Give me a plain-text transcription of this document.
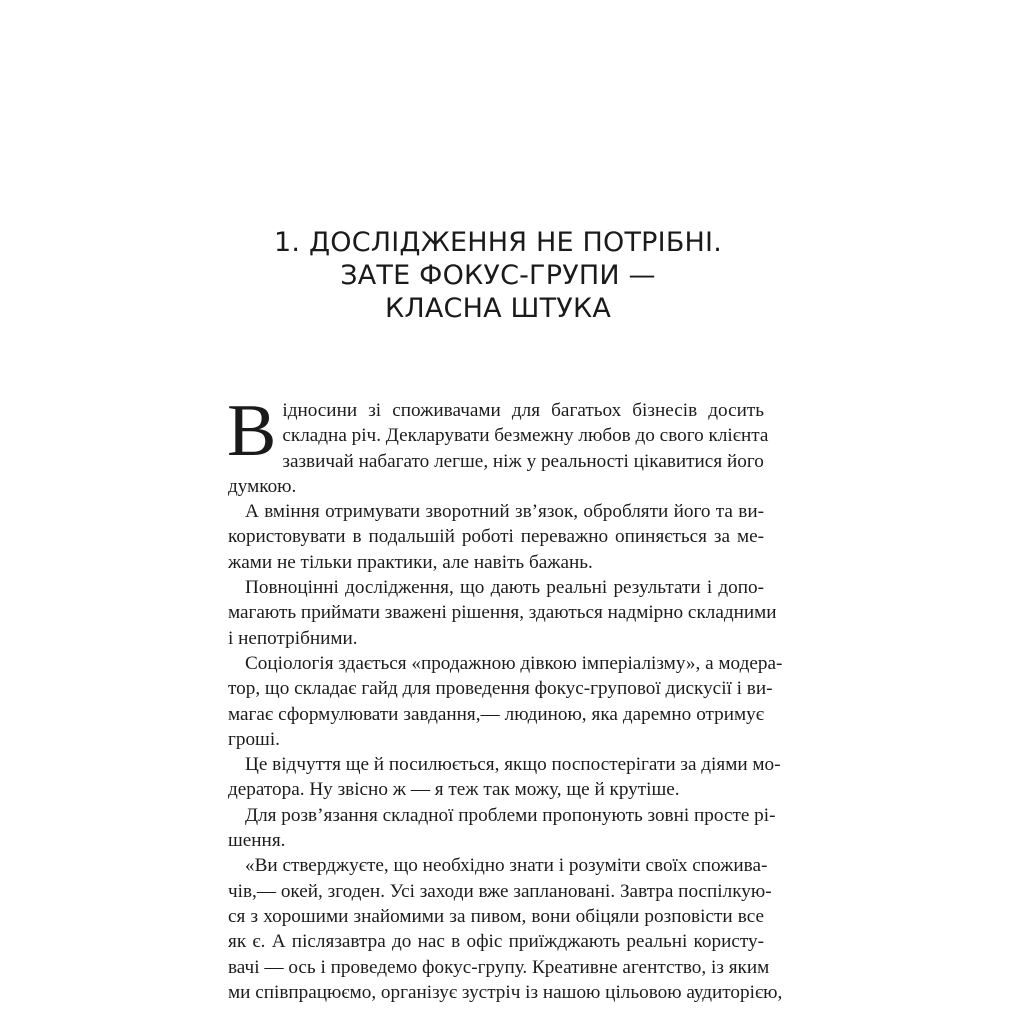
1. ДОСЛІДЖЕННЯ НЕ ПОТРІБНІ.
ЗАТЕ ФОКУС-ГРУПИ —
КЛАСНА ШТУКА
В ідносини зі споживачами для багатьох бізнесів досить
складна річ. Декларувати безмежну любов до свого клієнта
зазвичай набагато легше, ніж у реальності цікавитися його
думкою.
А вміння отримувати зворотний зв’язок, обробляти його та ви-
користовувати в подальшій роботі переважно опиняється за ме-
жами не тільки практики, але навіть бажань.
Повноцінні дослідження, що дають реальні результати і допо-
магають приймати зважені рішення, здаються надмірно складними
і непотрібними.
Соціологія здається «продажною дівкою імперіалізму», а модера-
тор, що складає гайд для проведення фокус-групової дискусії і ви-
магає сформулювати завдання,— людиною, яка даремно отримує
гроші.
Це відчуття ще й посилюється, якщо поспостерігати за діями мо-
дератора. Ну звісно ж — я теж так можу, ще й крутіше.
Для розв’язання складної проблеми пропонують зовні просте рі-
шення.
«Ви стверджуєте, що необхідно знати і розуміти своїх спожива-
чів,— окей, згоден. Усі заходи вже заплановані. Завтра поспілкую-
ся з хорошими знайомими за пивом, вони обіцяли розповісти все
як є. А післязавтра до нас в офіс приїжджають реальні користу-
вачі — ось і проведемо фокус-групу. Креативне агентство, із яким
ми співпрацюємо, організує зустріч із нашою цільовою аудиторією,
